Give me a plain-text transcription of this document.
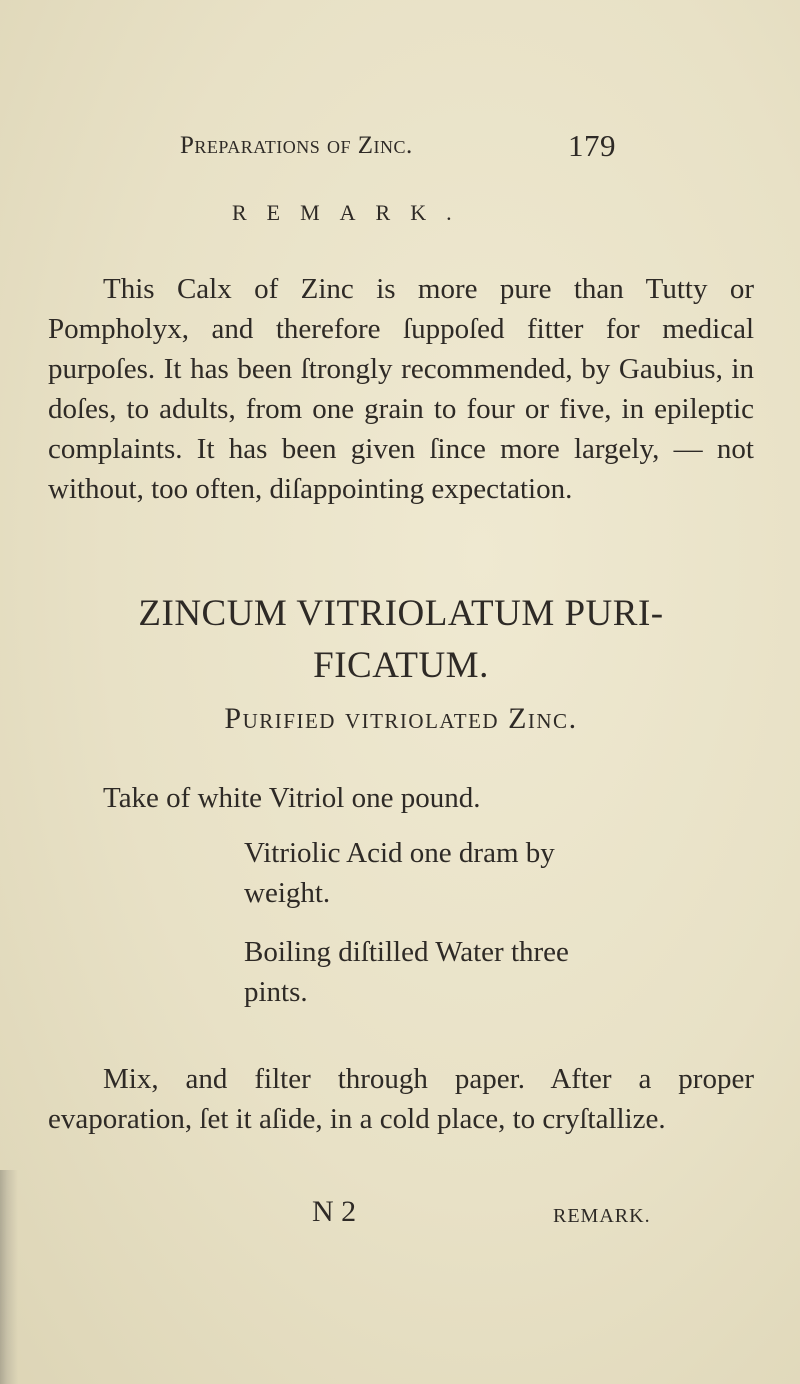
Preparations of Zinc.	179
REMARK.

This Calx of Zinc is more pure than Tutty or Pompholyx, and therefore ſuppoſed fitter for medical purpoſes. It has been ſtrongly recommended, by Gaubius, in doſes, to adults, from one grain to four or five, in epileptic complaints. It has been given ſince more largely, — not without, too often, diſappointing expectation.

ZINCUM VITRIOLATUM PURI-
FICATUM.
Purified vitriolated Zinc.
Take of white Vitriol one pound.
Vitriolic Acid one dram by
weight.
Boiling diſtilled Water three
pints.

Mix, and filter through paper. After a proper evaporation, ſet it aſide, in a cold place, to cryſtallize.

N 2	REMARK.
